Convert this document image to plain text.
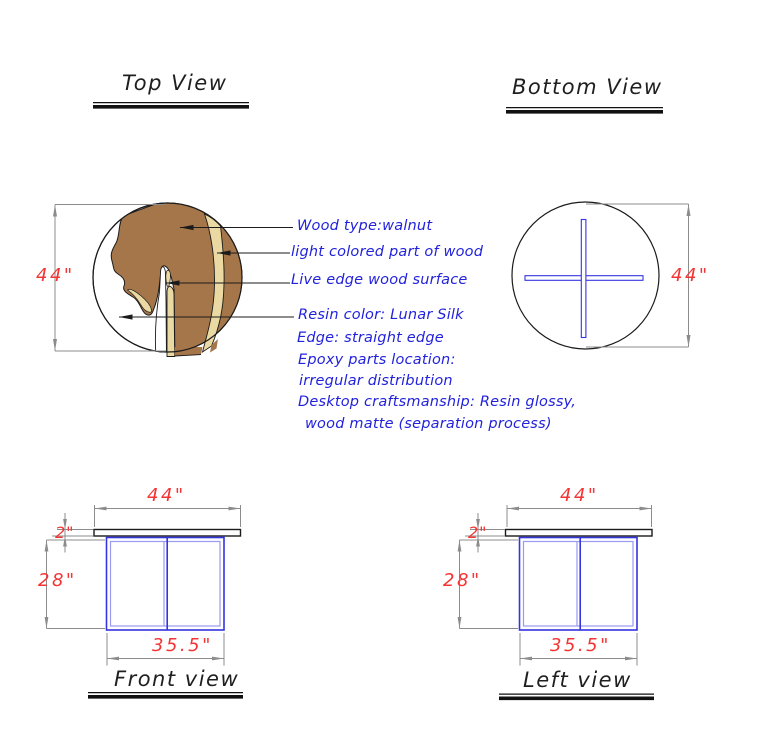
Top View	Bottom View
Front view	Left view
Wood type:walnut
light colored part of wood
Live edge wood surface
Resin color: Lunar Silk
Edge: straight edge
Epoxy parts location:
irregular distribution
Desktop craftsmanship: Resin glossy,
wood matte (separation process)
44"	44"
44"
2"
28"
35.5"
44"
2"
28"
35.5"
